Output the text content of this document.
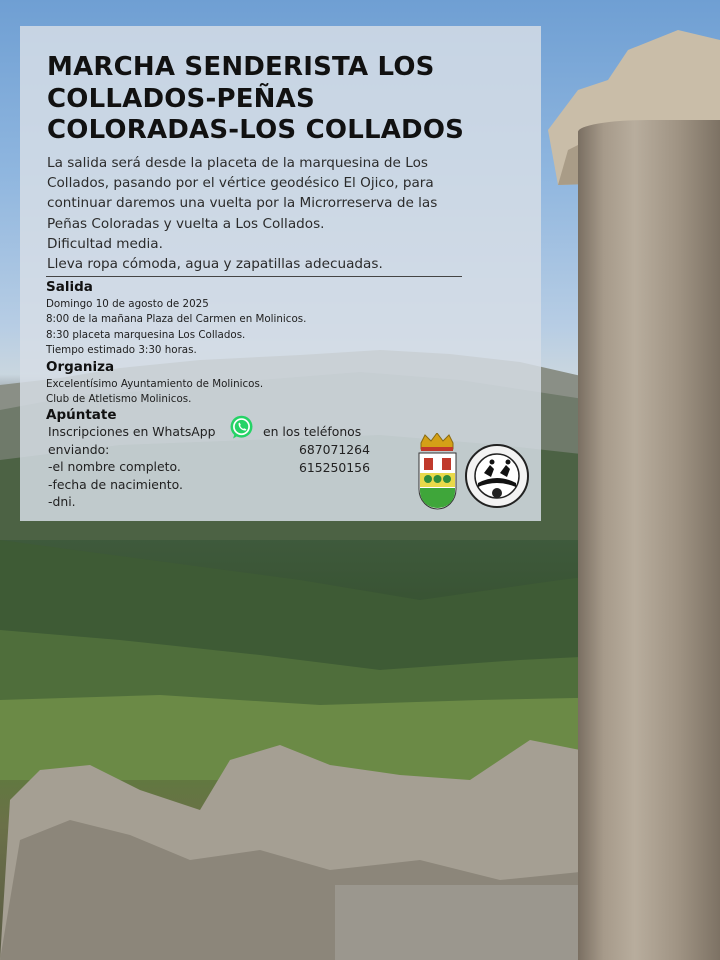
MARCHA SENDERISTA LOS
COLLADOS-PEÑAS
COLORADAS-LOS COLLADOS
La salida será desde la placeta de la marquesina de Los
Collados, pasando por el vértice geodésico El Ojico, para
continuar daremos una vuelta por la Microrreserva de las
Peñas Coloradas y vuelta a Los Collados.
Dificultad media.
Lleva ropa cómoda, agua y zapatillas adecuadas.
Salida
Domingo 10 de agosto de 2025
8:00 de la mañana Plaza del Carmen en Molinicos.
8:30 placeta marquesina Los Collados.
Tiempo estimado 3:30 horas.
Organiza
Excelentísimo Ayuntamiento de Molinicos.
Club de Atletismo Molinicos.
Apúntate
Inscripciones en WhatsApp	en los teléfonos
enviando:
-el nombre completo.
-fecha de nacimiento.
-dni.
687071264
615250156
